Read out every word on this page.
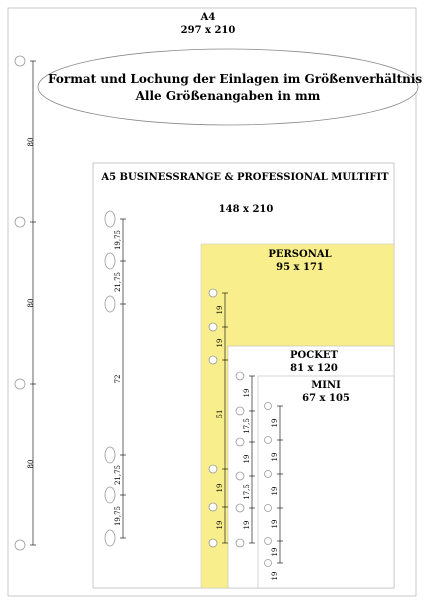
A4
297 x 210
Format und Lochung der Einlagen im Größenverhältnis
Alle Größenangaben in mm
A5 BUSINESSRANGE & PROFESSIONAL MULTIFIT
148 x 210
PERSONAL
95 x 171
POCKET
81 x 120
MINI
67 x 105
80
80
80
19,75
21,75
72
21,75
19,75
19
19
51
19
19
19
17,5
19
17,5
19
19
19
19
19
19
19
